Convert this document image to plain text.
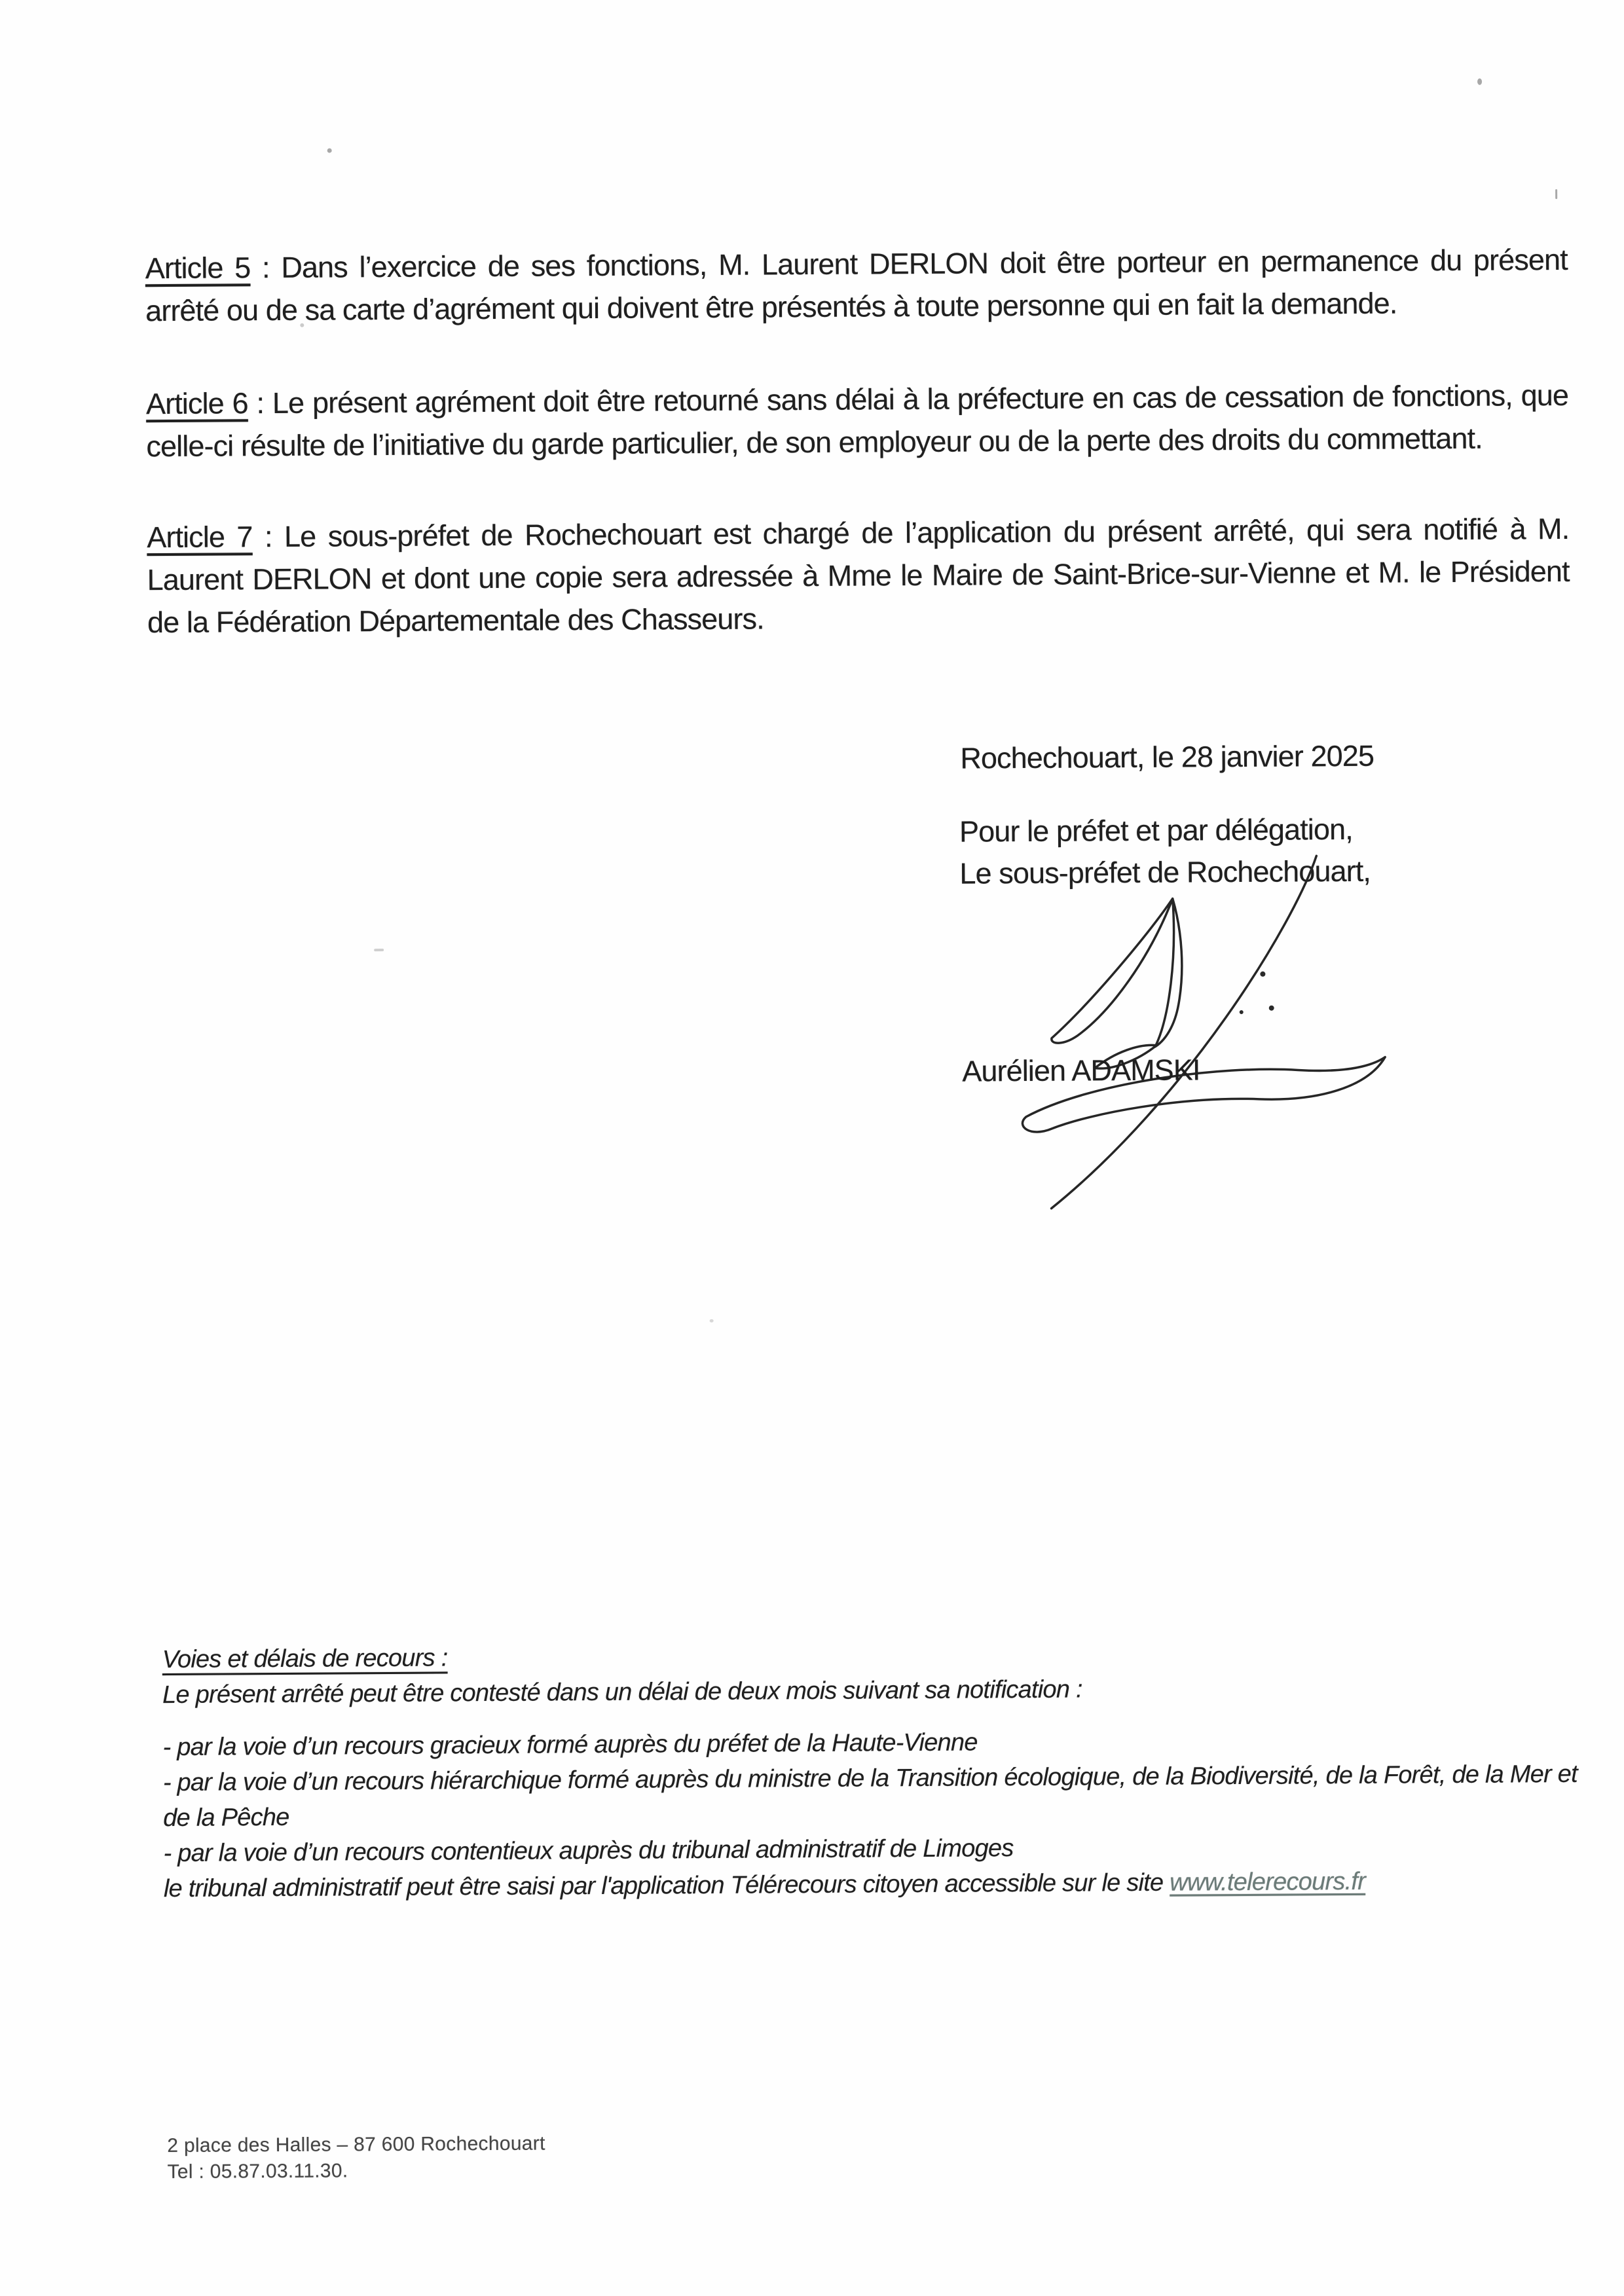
Article 5 : Dans l’exercice de ses fonctions, M. Laurent DERLON doit être porteur en permanence du présent arrêté ou de sa carte d’agrément qui doivent être présentés à toute personne qui en fait la demande.

Article 6 : Le présent agrément doit être retourné sans délai à la préfecture en cas de cessation de fonctions, que celle-ci résulte de l’initiative du garde particulier, de son employeur ou de la perte des droits du commettant.

Article 7 : Le sous-préfet de Rochechouart est chargé de l’application du présent arrêté, qui sera notifié à M. Laurent DERLON et dont une copie sera adressée à Mme le Maire de Saint-Brice-sur-Vienne et M. le Président de la Fédération Départementale des Chasseurs.

Rochechouart, le 28 janvier 2025
Pour le préfet et par délégation,
Le sous-préfet de Rochechouart,
Aurélien ADAMSKI
Voies et délais de recours :
Le présent arrêté peut être contesté dans un délai de deux mois suivant sa notification :
- par la voie d’un recours gracieux formé auprès du préfet de la Haute-Vienne
- par la voie d’un recours hiérarchique formé auprès du ministre de la Transition écologique, de la Biodiversité, de la Forêt, de la Mer et de la Pêche
- par la voie d’un recours contentieux auprès du tribunal administratif de Limoges
le tribunal administratif peut être saisi par l'application Télérecours citoyen accessible sur le site www.telerecours.fr
2 place des Halles – 87 600 Rochechouart
Tel : 05.87.03.11.30.
